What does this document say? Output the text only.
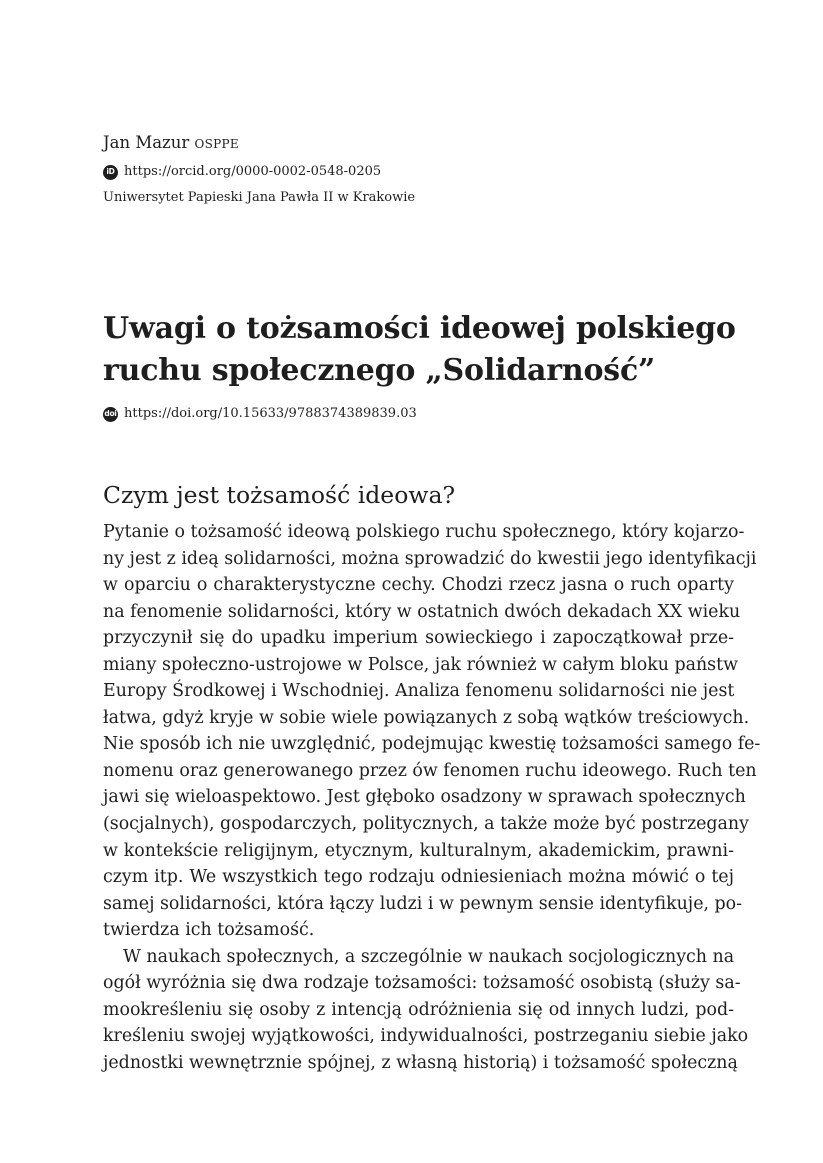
Jan Mazur osppe
iD https://orcid.org/0000-0002-0548-0205
Uniwersytet Papieski Jana Pawła II w Krakowie
Uwagi o tożsamości ideowej polskiego
ruchu społecznego „Solidarność”
doi https://doi.org/10.15633/9788374389839.03
Czym jest tożsamość ideowa?
Pytanie o tożsamość ideową polskiego ruchu społecznego, który kojarzo-
ny jest z ideą solidarności, można sprowadzić do kwestii jego identyfikacji
w oparciu o charakterystyczne cechy. Chodzi rzecz jasna o ruch oparty
na fenomenie solidarności, który w ostatnich dwóch dekadach XX wieku
przyczynił się do upadku imperium sowieckiego i zapoczątkował prze-
miany społeczno-ustrojowe w Polsce, jak również w całym bloku państw
Europy Środkowej i Wschodniej. Analiza fenomenu solidarności nie jest
łatwa, gdyż kryje w sobie wiele powiązanych z sobą wątków treściowych.
Nie sposób ich nie uwzględnić, podejmując kwestię tożsamości samego fe-
nomenu oraz generowanego przez ów fenomen ruchu ideowego. Ruch ten
jawi się wieloaspektowo. Jest głęboko osadzony w sprawach społecznych
(socjalnych), gospodarczych, politycznych, a także może być postrzegany
w kontekście religijnym, etycznym, kulturalnym, akademickim, prawni-
czym itp. We wszystkich tego rodzaju odniesieniach można mówić o tej
samej solidarności, która łączy ludzi i w pewnym sensie identyfikuje, po-
twierdza ich tożsamość.
W naukach społecznych, a szczególnie w naukach socjologicznych na
ogół wyróżnia się dwa rodzaje tożsamości: tożsamość osobistą (służy sa-
mookreśleniu się osoby z intencją odróżnienia się od innych ludzi, pod-
kreśleniu swojej wyjątkowości, indywidualności, postrzeganiu siebie jako
jednostki wewnętrznie spójnej, z własną historią) i tożsamość społeczną
